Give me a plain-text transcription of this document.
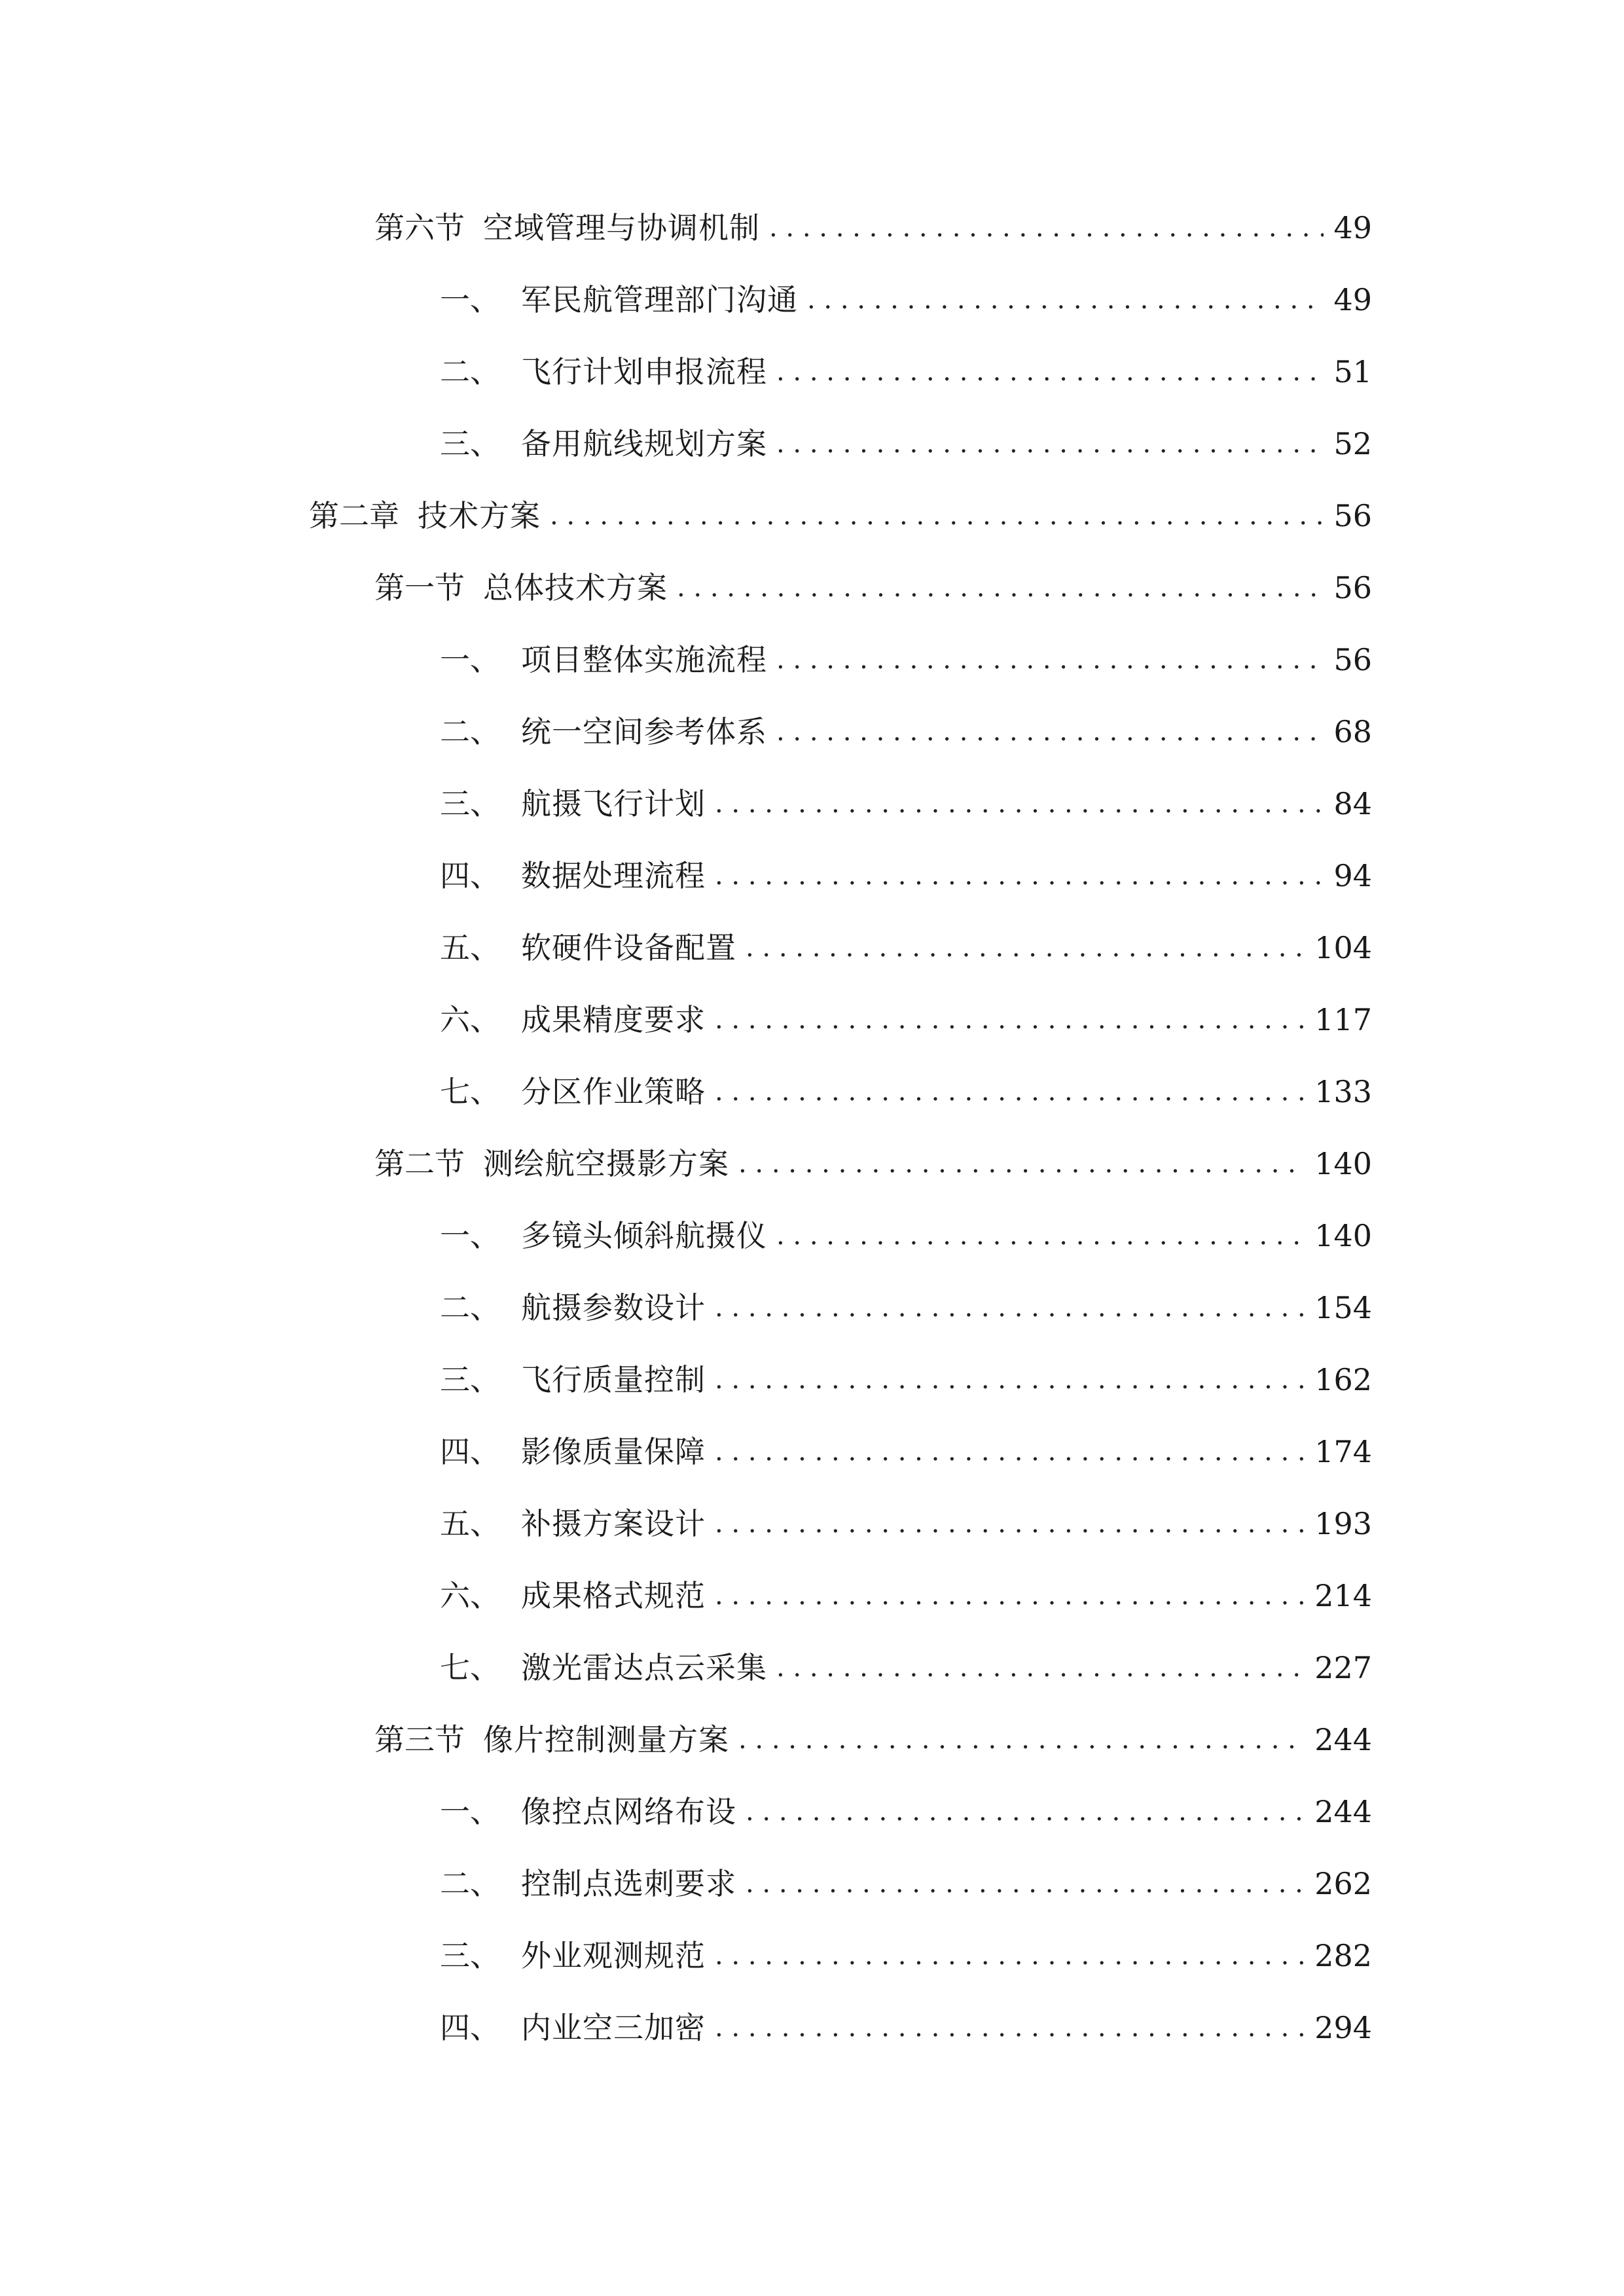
第六节 空域管理与协调机制 . . .	49
一、 军民航管理部门沟通 . . .	49
二、 飞行计划申报流程 . . .	51
三、 备用航线规划方案 . . .	52
第二章 技术方案 . . .	56
第一节 总体技术方案 . . .	56
一、 项目整体实施流程 . . .	56
二、 统一空间参考体系 . . .	68
三、 航摄飞行计划 . . .	84
四、 数据处理流程 . . .	94
五、 软硬件设备配置 . . .	104
六、 成果精度要求 . . .	117
七、 分区作业策略 . . .	133
第二节 测绘航空摄影方案 . . .	140
一、 多镜头倾斜航摄仪 . . .	140
二、 航摄参数设计 . . .	154
三、 飞行质量控制 . . .	162
四、 影像质量保障 . . .	174
五、 补摄方案设计 . . .	193
六、 成果格式规范 . . .	214
七、 激光雷达点云采集 . . .	227
第三节 像片控制测量方案 . . .	244
一、 像控点网络布设 . . .	244
二、 控制点选刺要求 . . .	262
三、 外业观测规范 . . .	282
四、 内业空三加密 . . .	294
